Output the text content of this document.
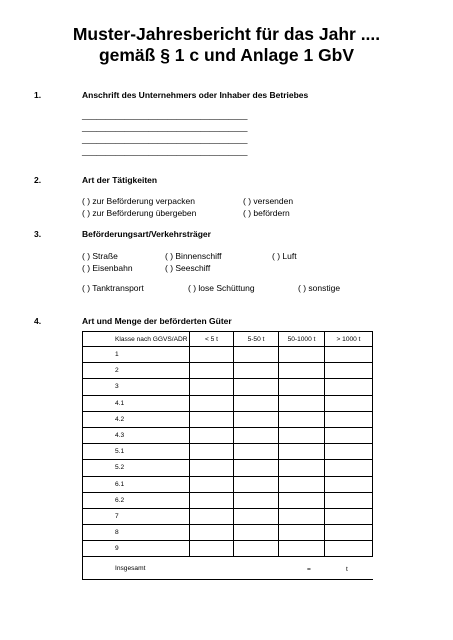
Muster-Jahresbericht für das Jahr ....
gemäß § 1 c und Anlage 1 GbV
1.	Anschrift des Unternehmers oder Inhaber des Betriebes
___________________________________
___________________________________
___________________________________
___________________________________
2.	Art der Tätigkeiten
( ) zur Beförderung verpacken	( ) versenden
( ) zur Beförderung übergeben	( ) befördern
3.	Beförderungsart/Verkehrsträger
( ) Straße	( ) Binnenschiff	( ) Luft
( ) Eisenbahn	( ) Seeschiff
( ) Tanktransport	( ) lose Schüttung	( ) sonstige
4.	Art und Menge der beförderten Güter
Klasse nach GGVS/ADR	< 5 t	5-50 t	50-1000 t	> 1000 t
1				
2				
3				
4.1				
4.2				
4.3				
5.1				
5.2				
6.1				
6.2				
7				
8				
9				
Insgesamt					=	t
